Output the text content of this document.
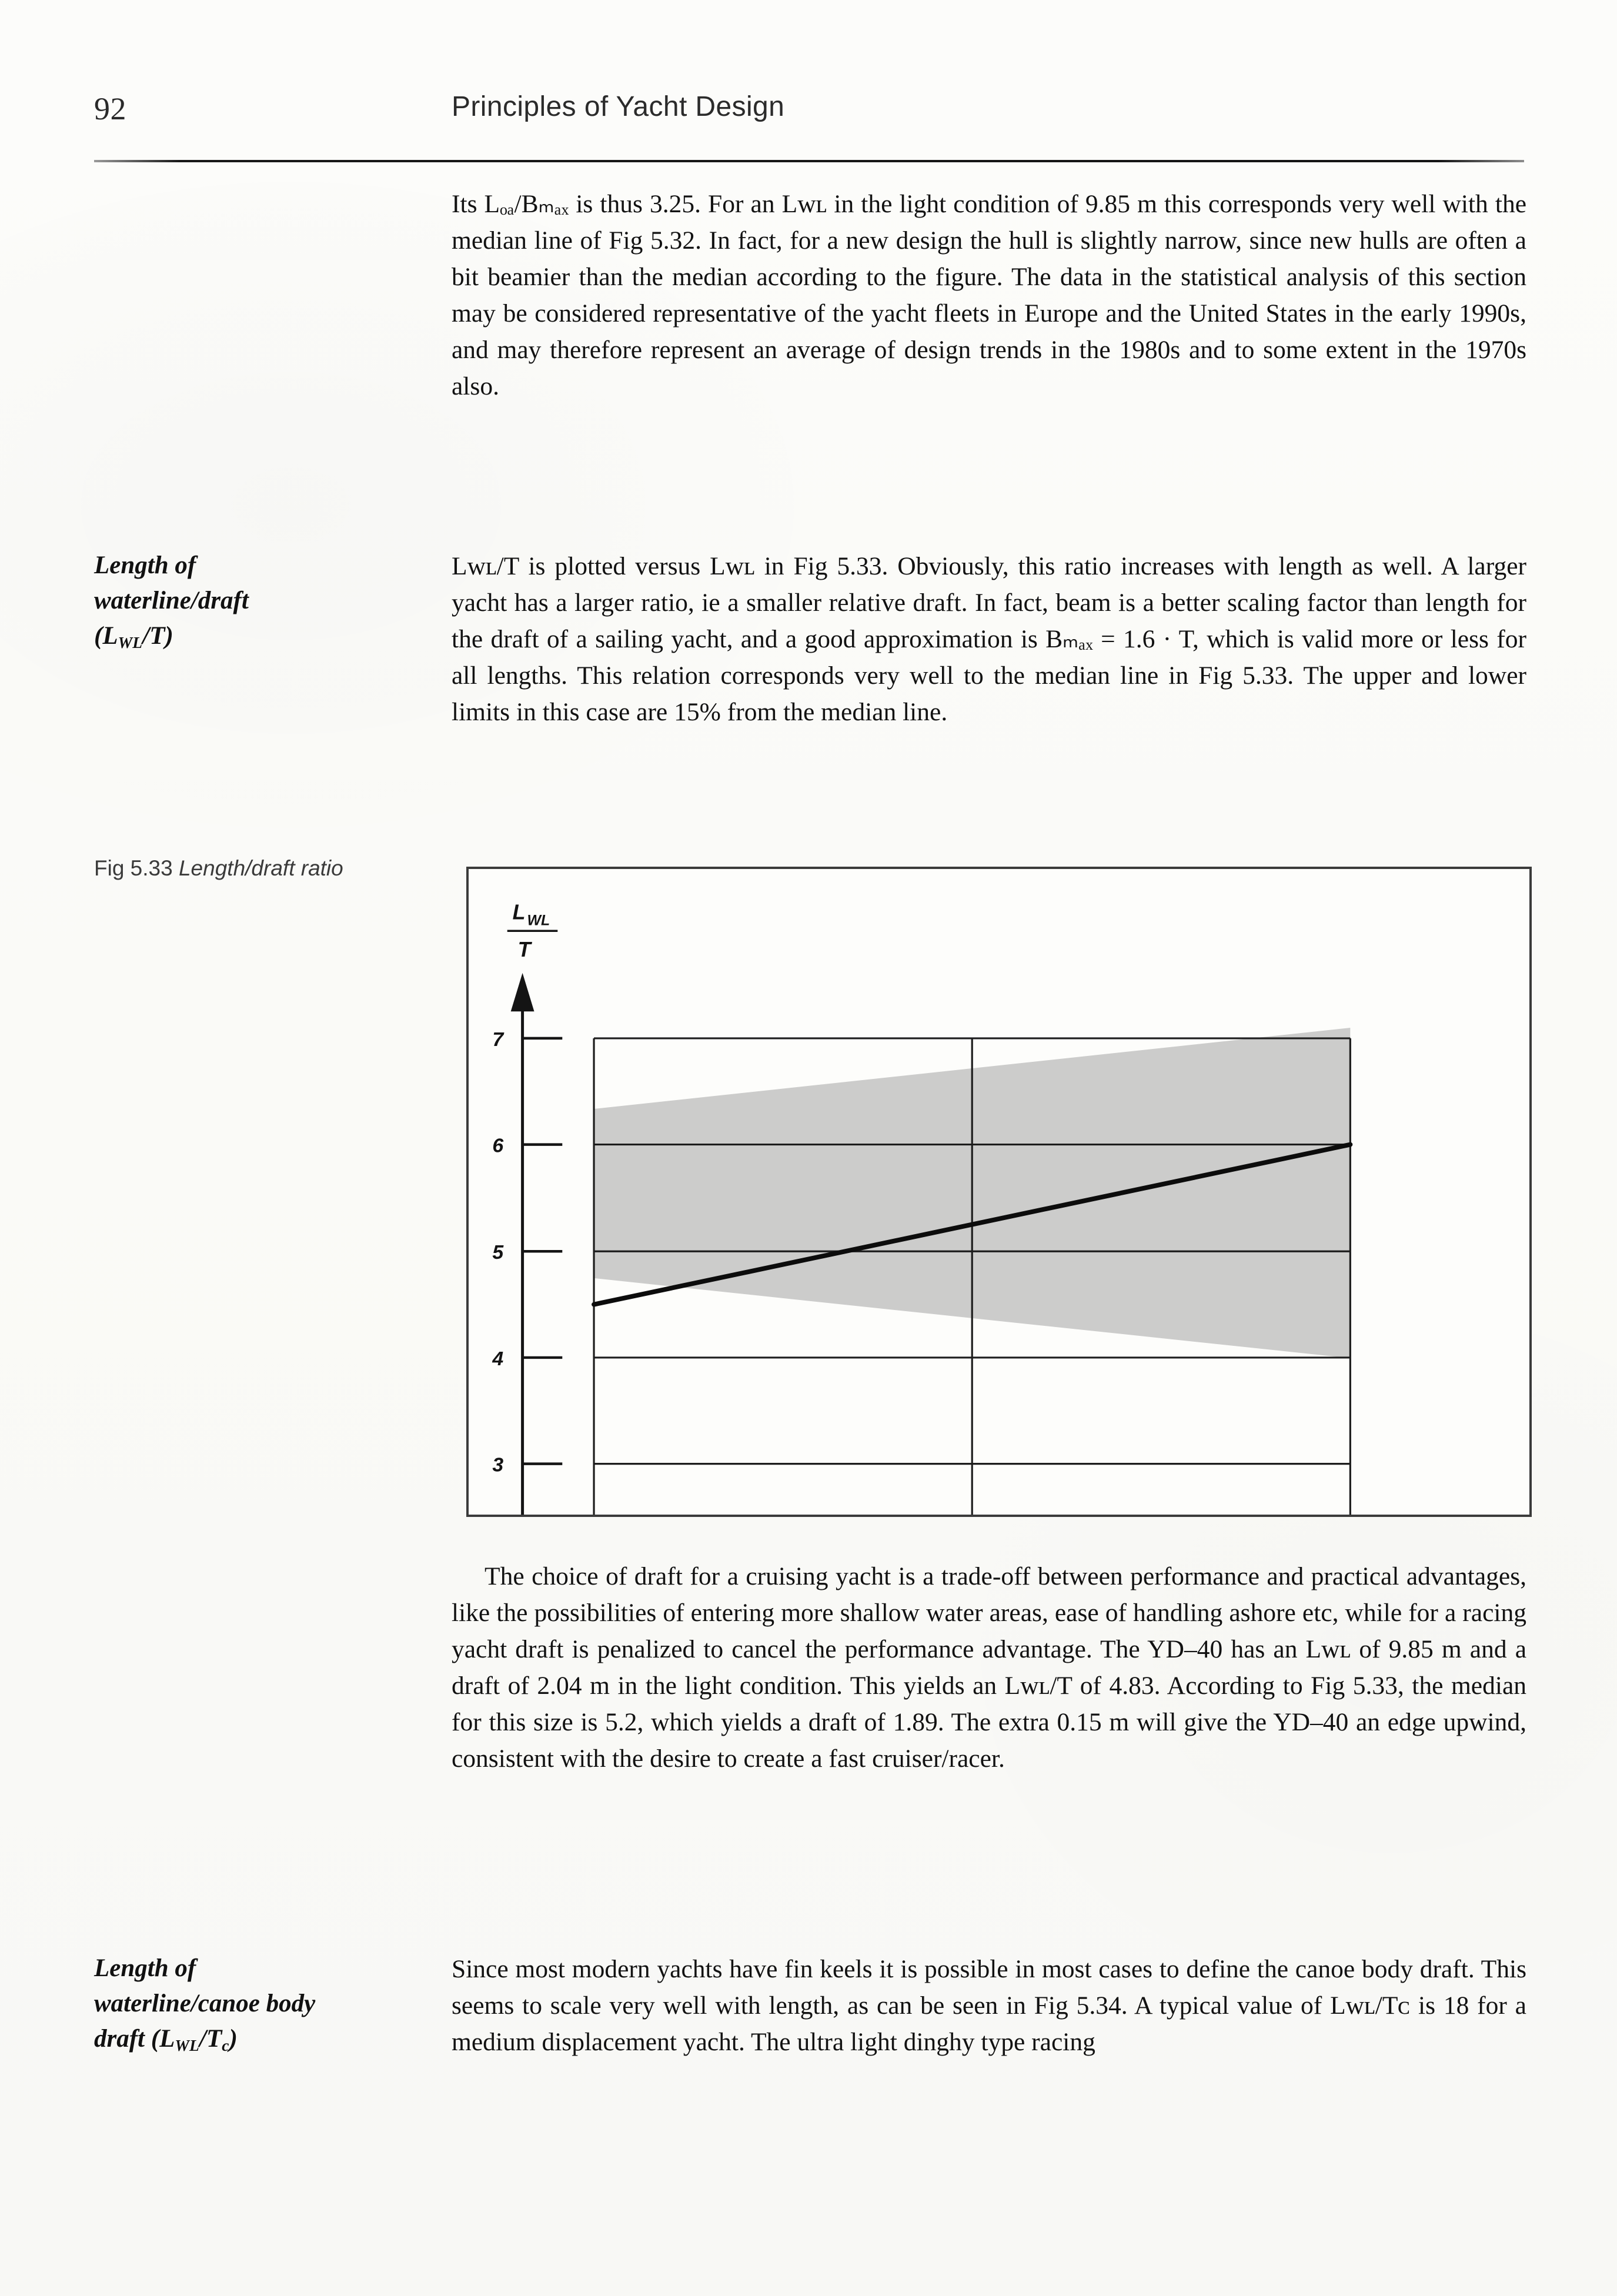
92	Principles of Yacht Design
Its Lₒₐ/Bₘₐₓ is thus 3.25. For an Lᴡʟ in the light condition of 9.85 m this corresponds very well with the median line of Fig 5.32. In fact, for a new design the hull is slightly narrow, since new hulls are often a bit beamier than the median according to the figure. The data in the statistical analysis of this section may be considered representative of the yacht fleets in Europe and the United States in the early 1990s, and may therefore represent an average of design trends in the 1980s and to some extent in the 1970s also.
Length of
waterline/draft
$(L_{WL}/T)$
Lᴡʟ/T is plotted versus Lᴡʟ in Fig 5.33. Obviously, this ratio increases with length as well. A larger yacht has a larger ratio, ie a smaller relative draft. In fact, beam is a better scaling factor than length for the draft of a sailing yacht, and a good approximation is Bₘₐₓ = 1.6 · T, which is valid more or less for all lengths. This relation corresponds very well to the median line in Fig 5.33. The upper and lower limits in this case are 15% from the median line.
Fig 5.33 Length/draft ratio
7
6
5
4
3
L WL
T
The choice of draft for a cruising yacht is a trade-off between performance and practical advantages, like the possibilities of entering more shallow water areas, ease of handling ashore etc, while for a racing yacht draft is penalized to cancel the performance advantage. The YD–40 has an Lᴡʟ of 9.85 m and a draft of 2.04 m in the light condition. This yields an Lᴡʟ/T of 4.83. According to Fig 5.33, the median for this size is 5.2, which yields a draft of 1.89. The extra 0.15 m will give the YD–40 an edge upwind, consistent with the desire to create a fast cruiser/racer.
Length of
waterline/canoe body
draft $(L_{WL}/T_c)$
Since most modern yachts have fin keels it is possible in most cases to define the canoe body draft. This seems to scale very well with length, as can be seen in Fig 5.34. A typical value of Lᴡʟ/Tᴄ is 18 for a medium displacement yacht. The ultra light dinghy type racing
